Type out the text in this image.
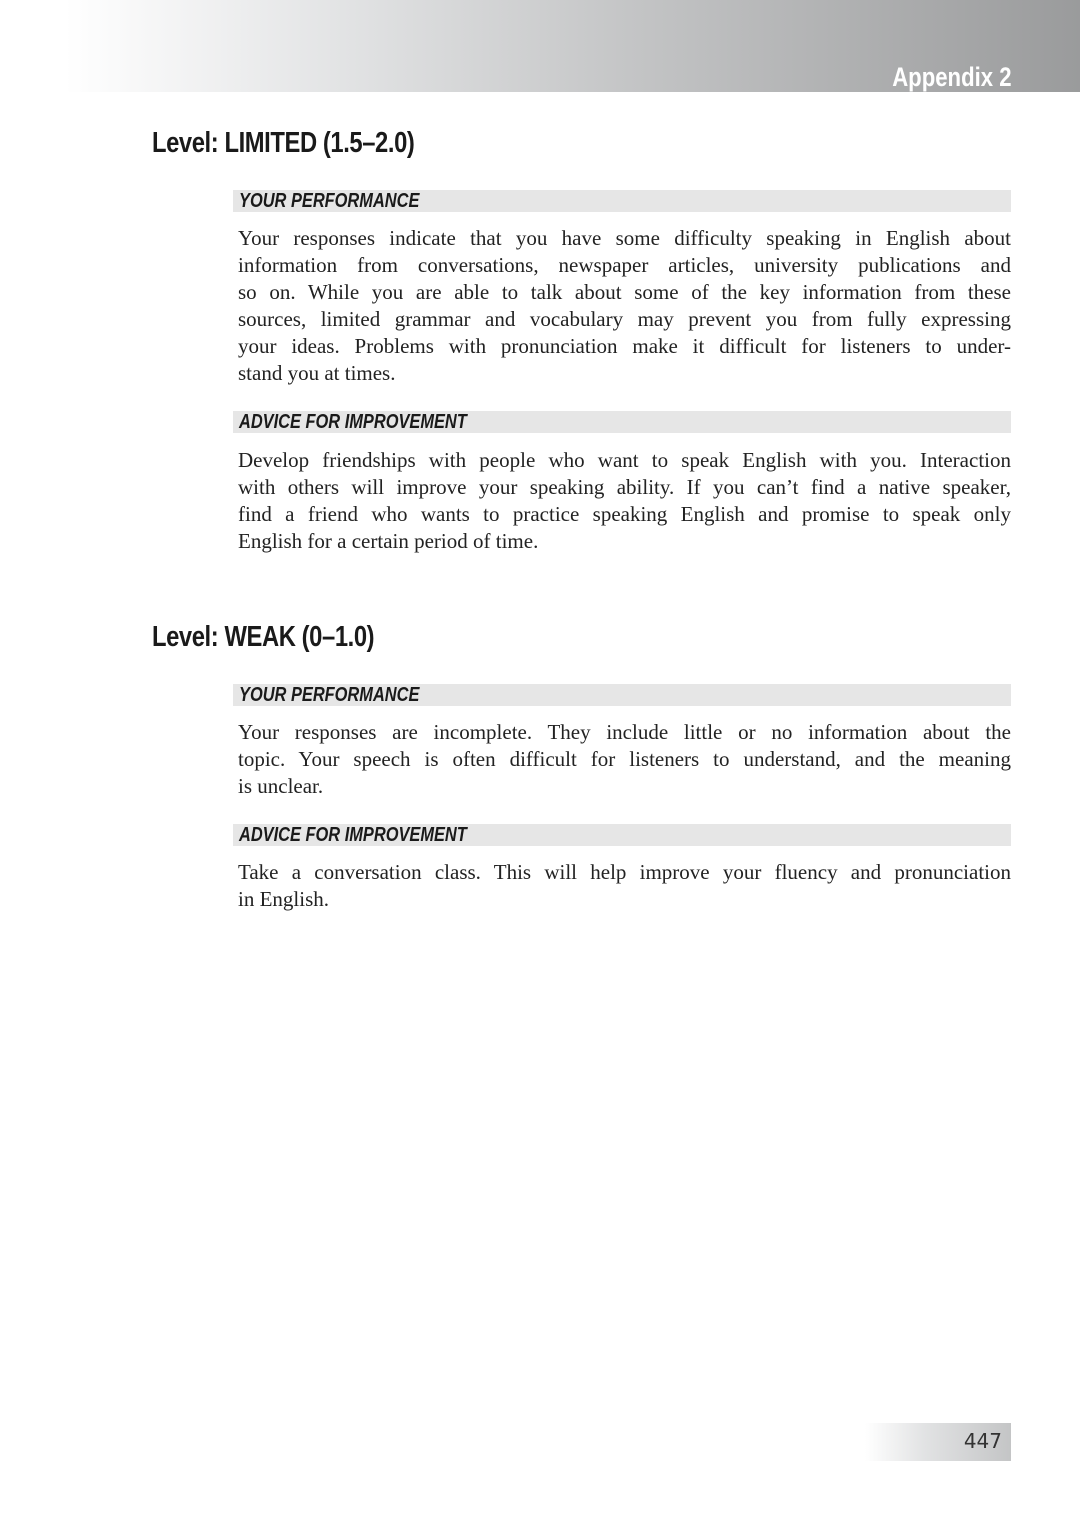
Appendix 2
Level: LIMITED (1.5–2.0)
YOUR PERFORMANCE
Your responses indicate that you have some difficulty speaking in English about
information from conversations, newspaper articles, university publications and
so on. While you are able to talk about some of the key information from these
sources, limited grammar and vocabulary may prevent you from fully expressing
your ideas. Problems with pronunciation make it difficult for listeners to under-
stand you at times.
ADVICE FOR IMPROVEMENT
Develop friendships with people who want to speak English with you. Interaction
with others will improve your speaking ability. If you can’t find a native speaker,
find a friend who wants to practice speaking English and promise to speak only
English for a certain period of time.
Level: WEAK (0–1.0)
YOUR PERFORMANCE
Your responses are incomplete. They include little or no information about the
topic. Your speech is often difficult for listeners to understand, and the meaning
is unclear.
ADVICE FOR IMPROVEMENT
Take a conversation class. This will help improve your fluency and pronunciation
in English.
447
